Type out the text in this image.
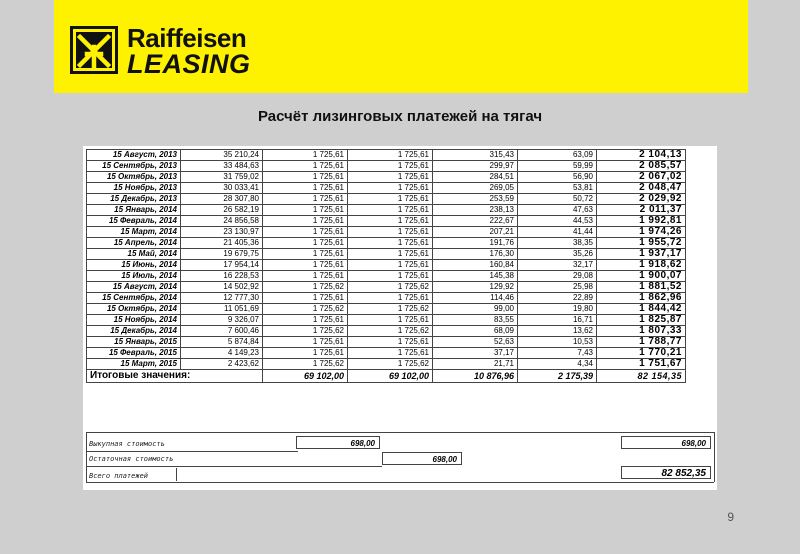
Raiffeisen
LEASING
Расчёт лизинговых платежей на тягач
15 Август, 2013	35 210,24	1 725,61	1 725,61	315,43	63,09	2 104,13
15 Сентябрь, 2013	33 484,63	1 725,61	1 725,61	299,97	59,99	2 085,57
15 Октябрь, 2013	31 759,02	1 725,61	1 725,61	284,51	56,90	2 067,02
15 Ноябрь, 2013	30 033,41	1 725,61	1 725,61	269,05	53,81	2 048,47
15 Декабрь, 2013	28 307,80	1 725,61	1 725,61	253,59	50,72	2 029,92
15 Январь, 2014	26 582,19	1 725,61	1 725,61	238,13	47,63	2 011,37
15 Февраль, 2014	24 856,58	1 725,61	1 725,61	222,67	44,53	1 992,81
15 Март, 2014	23 130,97	1 725,61	1 725,61	207,21	41,44	1 974,26
15 Апрель, 2014	21 405,36	1 725,61	1 725,61	191,76	38,35	1 955,72
15 Май, 2014	19 679,75	1 725,61	1 725,61	176,30	35,26	1 937,17
15 Июнь, 2014	17 954,14	1 725,61	1 725,61	160,84	32,17	1 918,62
15 Июль, 2014	16 228,53	1 725,61	1 725,61	145,38	29,08	1 900,07
15 Август, 2014	14 502,92	1 725,62	1 725,62	129,92	25,98	1 881,52
15 Сентябрь, 2014	12 777,30	1 725,61	1 725,61	114,46	22,89	1 862,96
15 Октябрь, 2014	11 051,69	1 725,62	1 725,62	99,00	19,80	1 844,42
15 Ноябрь, 2014	9 326,07	1 725,61	1 725,61	83,55	16,71	1 825,87
15 Декабрь, 2014	7 600,46	1 725,62	1 725,62	68,09	13,62	1 807,33
15 Январь, 2015	5 874,84	1 725,61	1 725,61	52,63	10,53	1 788,77
15 Февраль, 2015	4 149,23	1 725,61	1 725,61	37,17	7,43	1 770,21
15 Март, 2015	2 423,62	1 725,62	1 725,62	21,71	4,34	1 751,67
Итоговые значения:		69 102,00	69 102,00	10 876,96	2 175,39	82 154,35
Выкупная стоимость	698,00	698,00
Остаточная стоимость	698,00
Всего платежей	82 852,35
9
